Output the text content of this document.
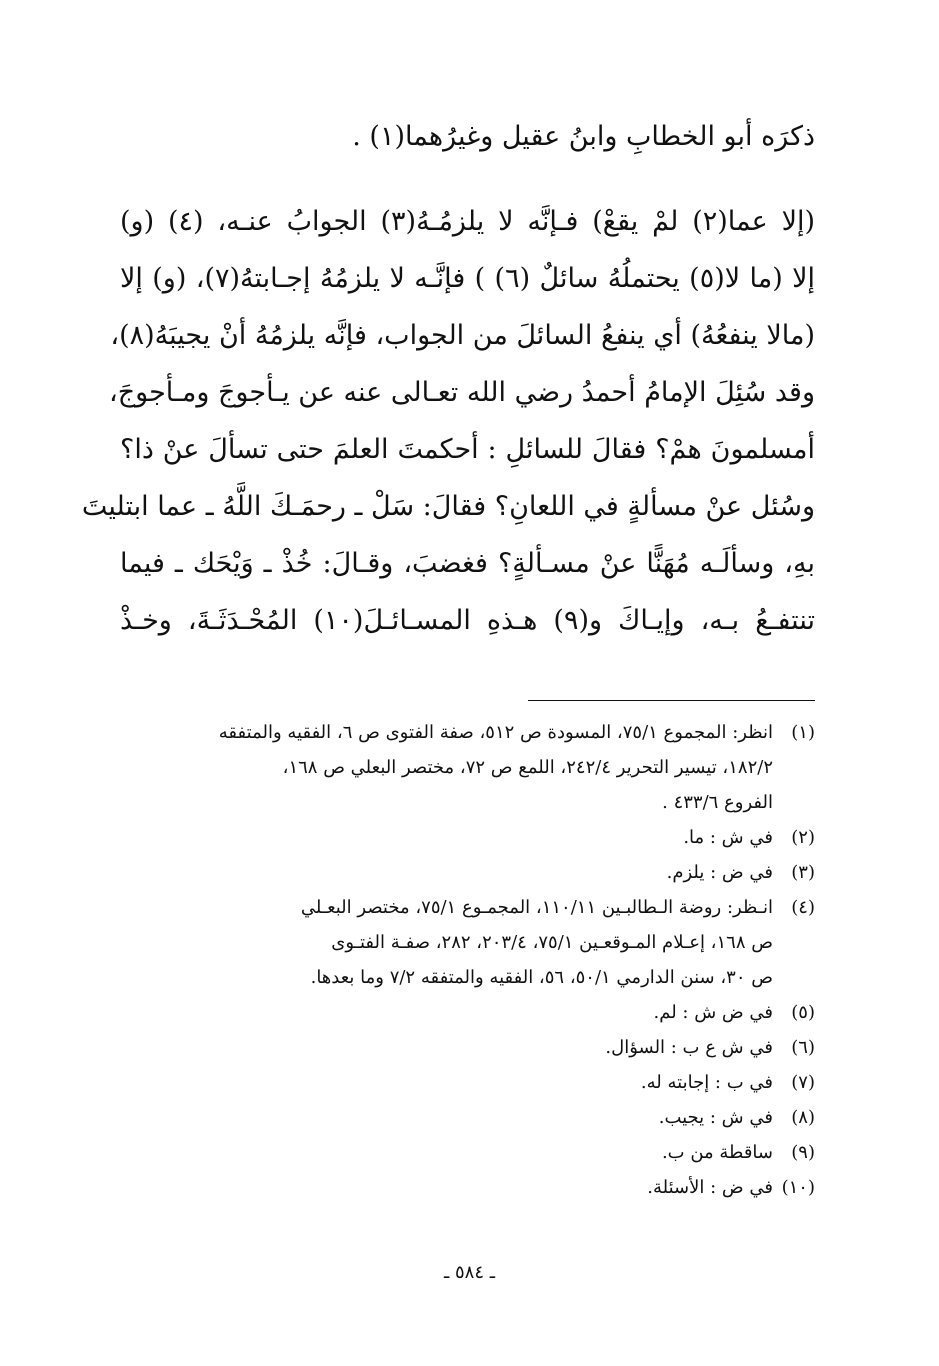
ذكرَه أبو الخطابِ وابنُ عقيل وغيرُهما(١) .
(إلا عما(٢) لمْ يقعْ) فـإنَّه لا يلزمُـهُ(٣) الجوابُ عنـه، (٤) (و)
إلا (ما لا(٥) يحتملُهُ سائلٌ (٦) ) فإنَّـه لا يلزمُهُ إجـابتهُ(٧)، (و) إلا
(مالا ينفعُهُ) أي ينفعُ السائلَ من الجواب، فإنَّه يلزمُهُ أنْ يجيبَهُ(٨)،
وقد سُئِلَ الإمامُ أحمدُ رضي الله تعـالى عنه عن يـأجوجَ ومـأجوجَ،
أمسلمونَ همْ؟ فقالَ للسائلِ : أحكمتَ العلمَ حتى تسألَ عنْ ذا؟
وسُئل عنْ مسألةٍ في اللعانِ؟ فقالَ: سَلْ ـ رحمَـكَ اللَّهُ ـ عما ابتليتَ
بهِ، وسألَـه مُهَنًّا عنْ مسـألةٍ؟ فغضبَ، وقـالَ: خُذْ ـ وَيْحَك ـ فيما
تنتفـعُ بـه، وإيـاكَ و(٩) هـذهِ المسـائـلَ(١٠) المُحْـدَثَـةَ، وخـذْ
(١)
انظر: المجموع ٧٥/١، المسودة ص ٥١٢، صفة الفتوى ص ٦، الفقيه والمتفقه
١٨٢/٢، تيسير التحرير ٢٤٢/٤، اللمع ص ٧٢، مختصر البعلي ص ١٦٨،
الفروع ٤٣٣/٦ .
(٢)
في ش : ما.
(٣)
في ض : يلزم.
(٤)
انـظر: روضة الـطالبـين ١١٠/١١، المجمـوع ٧٥/١، مختصر البعـلي
ص ١٦٨، إعـلام المـوقعـين ٧٥/١، ٢٠٣/٤، ٢٨٢، صفـة الفتـوى
ص ٣٠، سنن الدارمي ٥٠/١، ٥٦، الفقيه والمتفقه ٧/٢ وما بعدها.
(٥)
في ض ش : لم.
(٦)
في ش ع ب : السؤال.
(٧)
في ب : إجابته له.
(٨)
في ش : يجيب.
(٩)
ساقطة من ب.
(١٠)
في ض : الأسئلة.
ـ ٥٨٤ ـ
